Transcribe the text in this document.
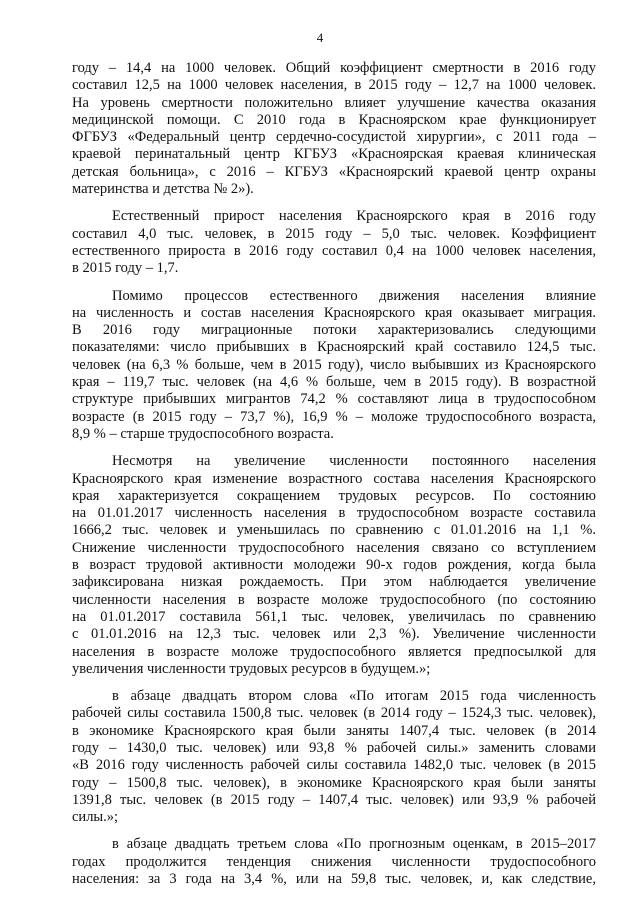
4
году – 14,4 на 1000 человек. Общий коэффициент смертности в 2016 году
составил 12,5 на 1000 человек населения, в 2015 году – 12,7 на 1000 человек.
На уровень смертности положительно влияет улучшение качества оказания
медицинской помощи. С 2010 года в Красноярском крае функционирует
ФГБУЗ «Федеральный центр сердечно-сосудистой хирургии», с 2011 года –
краевой перинатальный центр КГБУЗ «Красноярская краевая клиническая
детская больница», с 2016 – КГБУЗ «Красноярский краевой центр охраны
материнства и детства № 2»).
Естественный прирост населения Красноярского края в 2016 году
составил 4,0 тыс. человек, в 2015 году – 5,0 тыс. человек. Коэффициент
естественного прироста в 2016 году составил 0,4 на 1000 человек населения,
в 2015 году – 1,7.
Помимо процессов естественного движения населения влияние
на численность и состав населения Красноярского края оказывает миграция.
В 2016 году миграционные потоки характеризовались следующими
показателями: число прибывших в Красноярский край составило 124,5 тыс.
человек (на 6,3 % больше, чем в 2015 году), число выбывших из Красноярского
края – 119,7 тыс. человек (на 4,6 % больше, чем в 2015 году). В возрастной
структуре прибывших мигрантов 74,2 % составляют лица в трудоспособном
возрасте (в 2015 году – 73,7 %), 16,9 % – моложе трудоспособного возраста,
8,9 % – старше трудоспособного возраста.
Несмотря на увеличение численности постоянного населения
Красноярского края изменение возрастного состава населения Красноярского
края характеризуется сокращением трудовых ресурсов. По состоянию
на 01.01.2017 численность населения в трудоспособном возрасте составила
1666,2 тыс. человек и уменьшилась по сравнению с 01.01.2016 на 1,1 %.
Снижение численности трудоспособного населения связано со вступлением
в возраст трудовой активности молодежи 90-х годов рождения, когда была
зафиксирована низкая рождаемость. При этом наблюдается увеличение
численности населения в возрасте моложе трудоспособного (по состоянию
на 01.01.2017 составила 561,1 тыс. человек, увеличилась по сравнению
с 01.01.2016 на 12,3 тыс. человек или 2,3 %). Увеличение численности
населения в возрасте моложе трудоспособного является предпосылкой для
увеличения численности трудовых ресурсов в будущем.»;
в абзаце двадцать втором слова «По итогам 2015 года численность
рабочей силы составила 1500,8 тыс. человек (в 2014 году – 1524,3 тыс. человек),
в экономике Красноярского края были заняты 1407,4 тыс. человек (в 2014
году – 1430,0 тыс. человек) или 93,8 % рабочей силы.» заменить словами
«В 2016 году численность рабочей силы составила 1482,0 тыс. человек (в 2015
году – 1500,8 тыс. человек), в экономике Красноярского края были заняты
1391,8 тыс. человек (в 2015 году – 1407,4 тыс. человек) или 93,9 % рабочей
силы.»;
в абзаце двадцать третьем слова «По прогнозным оценкам, в 2015–2017
годах продолжится тенденция снижения численности трудоспособного
населения: за 3 года на 3,4 %, или на 59,8 тыс. человек, и, как следствие,
